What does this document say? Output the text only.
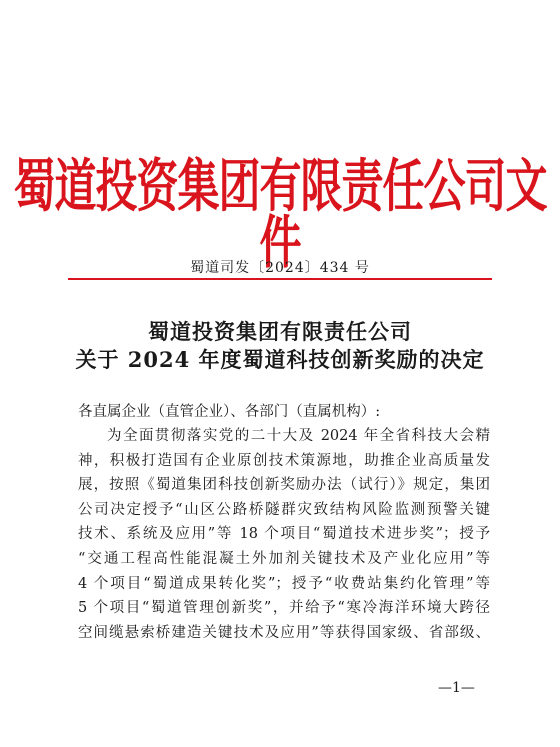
蜀道投资集团有限责任公司文件
蜀道司发〔2024〕434 号
蜀道投资集团有限责任公司
关于 2024 年度蜀道科技创新奖励的决定
各直属企业（直管企业）、各部门（直属机构）:
为全面贯彻落实党的二十大及 2024 年全省科技大会精
神，积极打造国有企业原创技术策源地，助推企业高质量发
展，按照《蜀道集团科技创新奖励办法（试行）》规定，集团
公司决定授予“山区公路桥隧群灾致结构风险监测预警关键
技术、系统及应用”等 18 个项目“蜀道技术进步奖”；授予
“交通工程高性能混凝土外加剂关键技术及产业化应用”等
4 个项目“蜀道成果转化奖”；授予“收费站集约化管理”等
5 个项目“蜀道管理创新奖”，并给予“寒冷海洋环境大跨径
空间缆悬索桥建造关键技术及应用”等获得国家级、省部级、
—1—
